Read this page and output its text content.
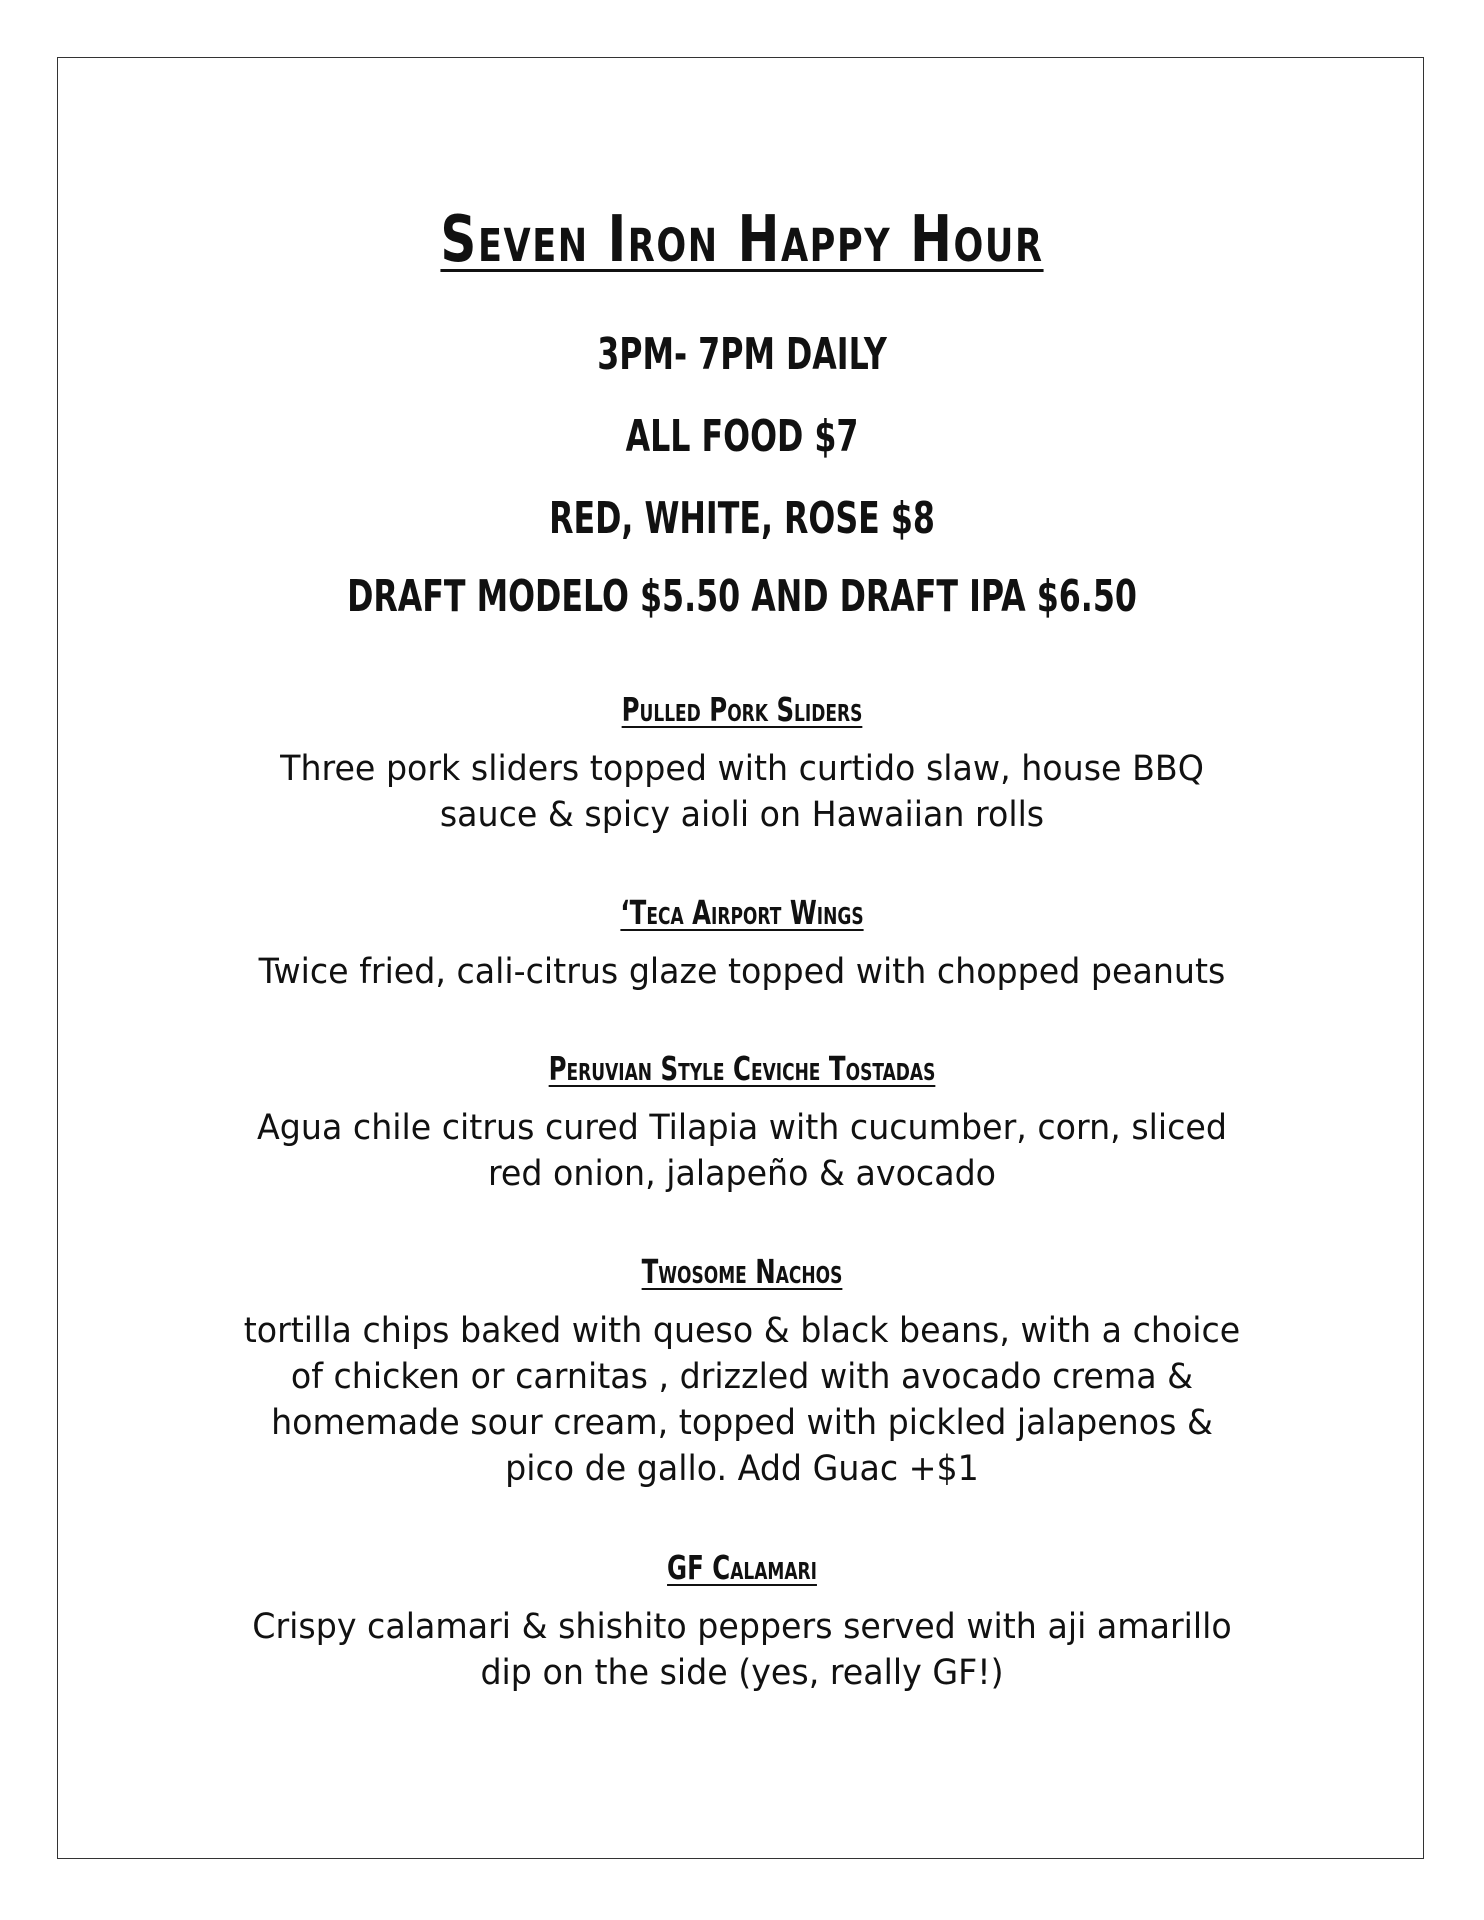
Seven Iron Happy Hour
3PM- 7PM DAILY
ALL FOOD $7
RED, WHITE, ROSE $8
DRAFT MODELO $5.50 AND DRAFT IPA $6.50
Pulled Pork Sliders
Three pork sliders topped with curtido slaw, house BBQ
sauce & spicy aioli on Hawaiian rolls
‘Teca Airport Wings
Twice fried, cali-citrus glaze topped with chopped peanuts
Peruvian Style Ceviche Tostadas
Agua chile citrus cured Tilapia with cucumber, corn, sliced
red onion, jalapeño & avocado
Twosome Nachos
tortilla chips baked with queso & black beans, with a choice
of chicken or carnitas , drizzled with avocado crema &
homemade sour cream, topped with pickled jalapenos &
pico de gallo. Add Guac +$1
GF Calamari
Crispy calamari & shishito peppers served with aji amarillo
dip on the side (yes, really GF!)
